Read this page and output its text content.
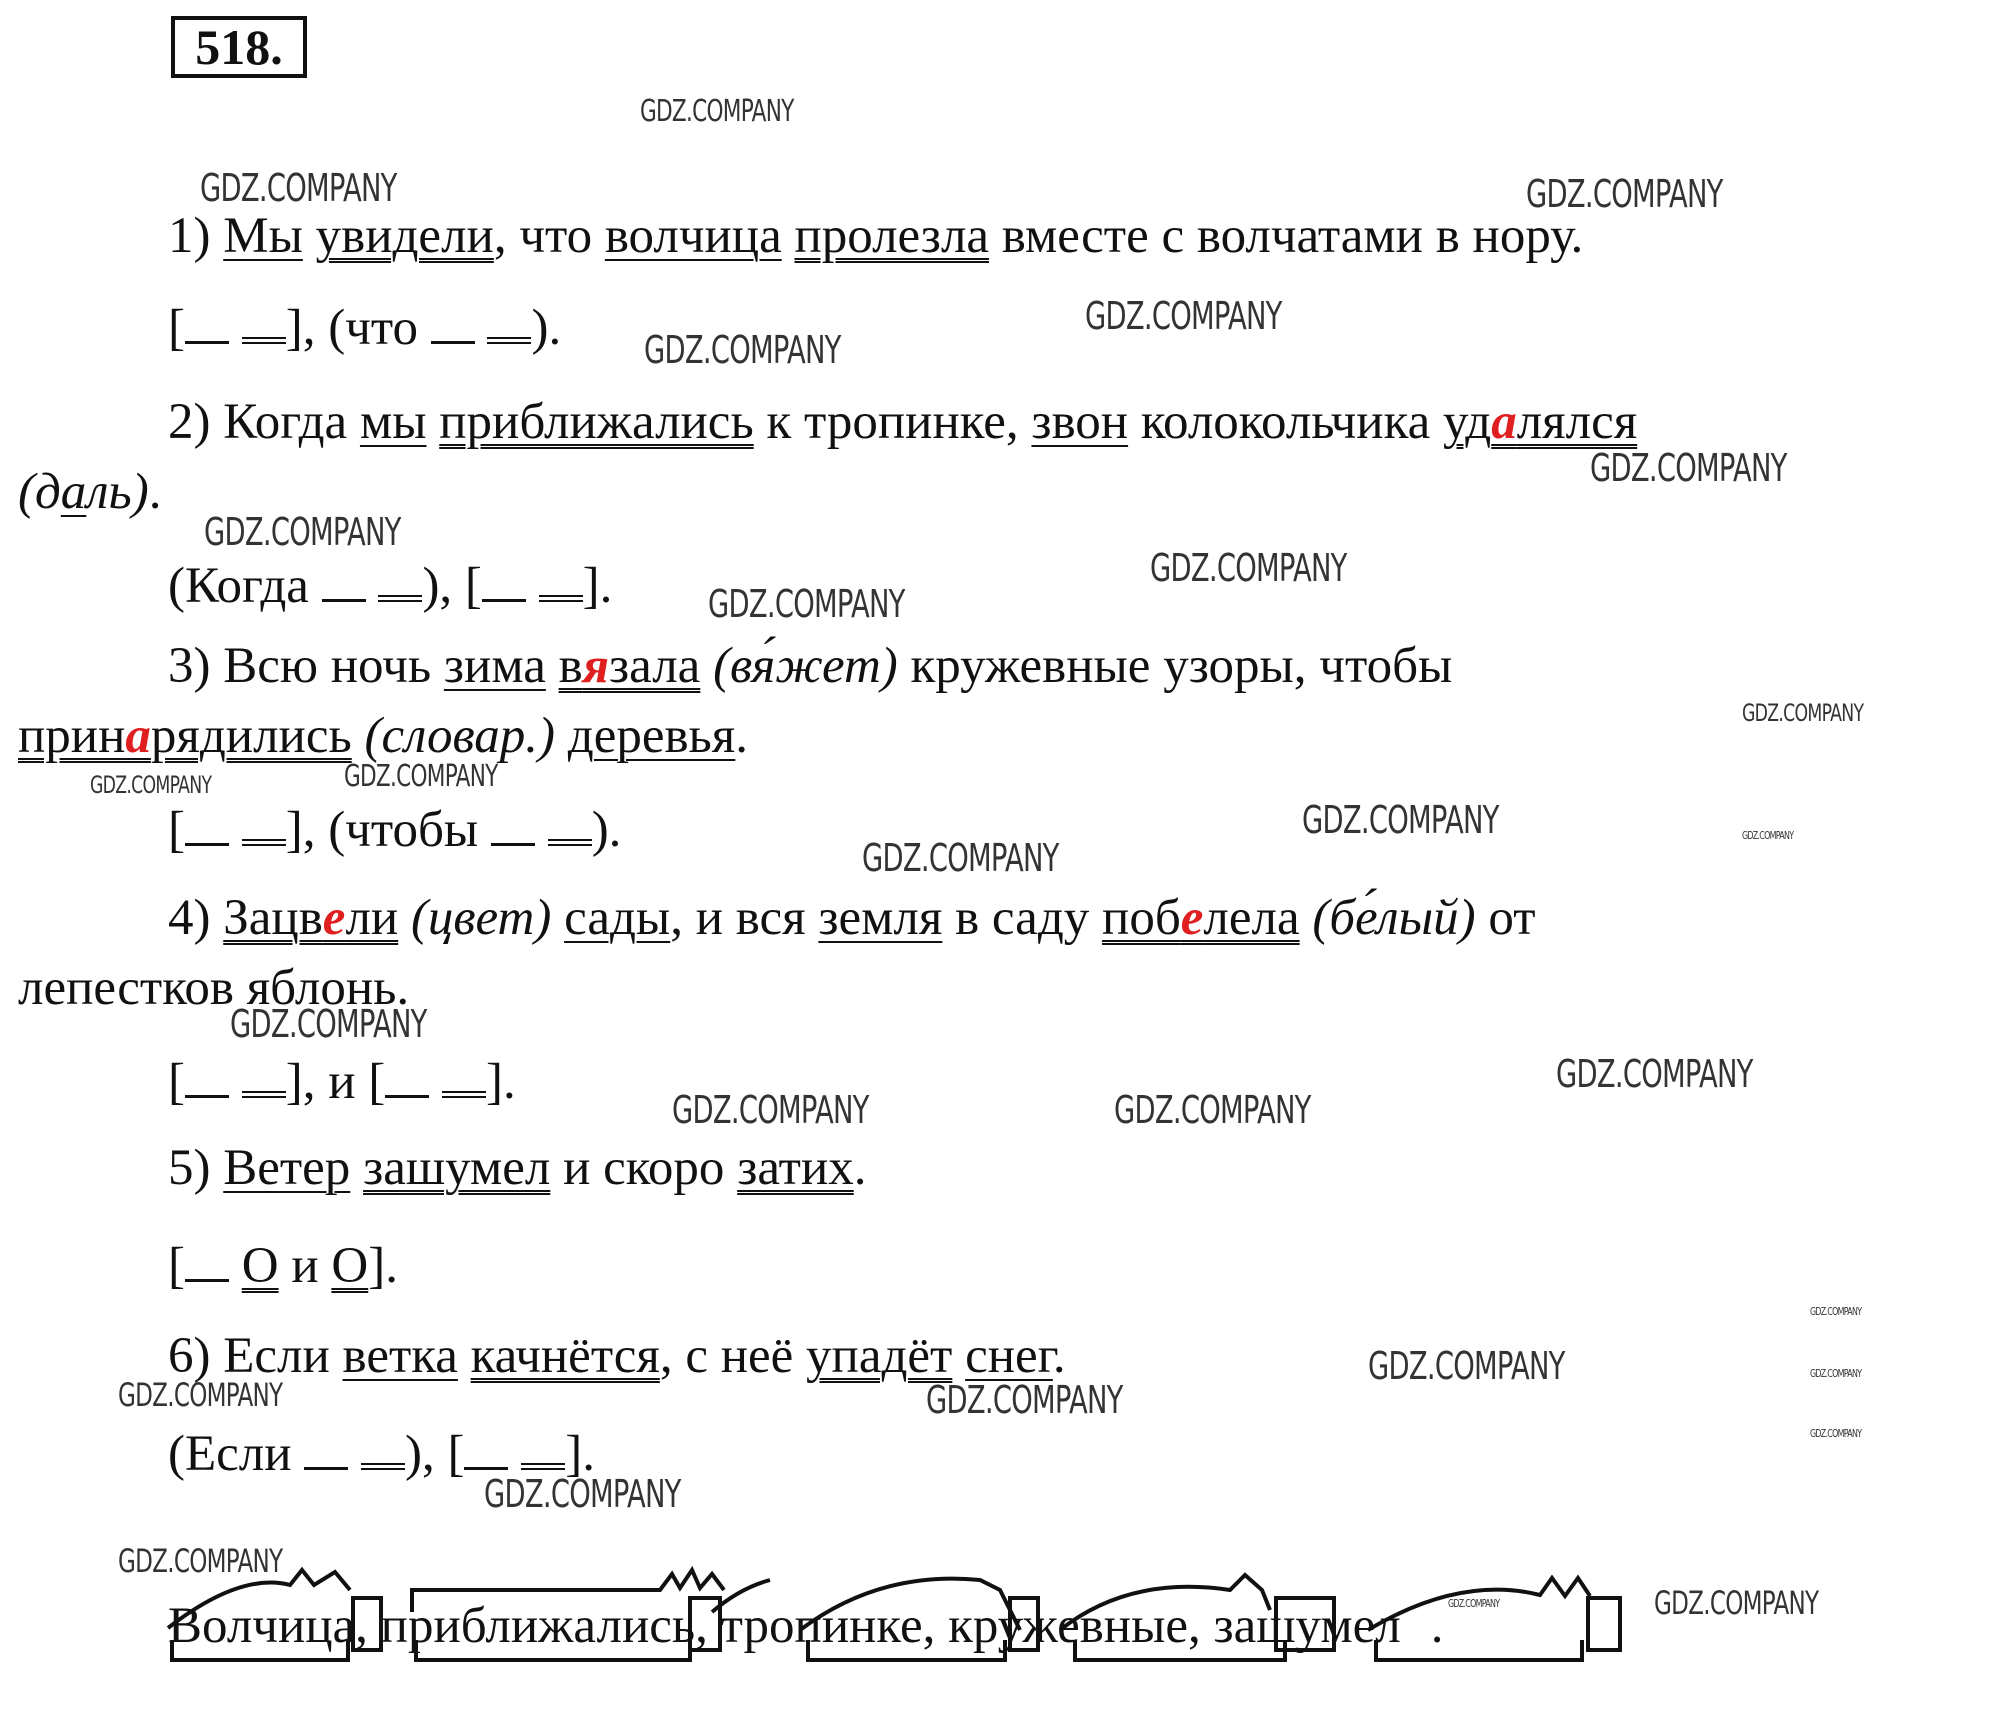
518.
1) Мы увидели, что волчица пролезла вместе с волчатами в нору.
[ ], (что  ).
2) Когда мы приближались к тропинке, звон колокольчика удалялся
(даль).
(Когда  ), [ ].
3) Всю ночь зима вязала (вя́жет) кружевные узоры, чтобы
принарядились (словар.) деревья.
[ ], (чтобы  ).
4) Зацвели (цвет) сады, и вся земля в саду побелела (бе́лый) от
лепестков яблонь.
[ ], и [ ].
5) Ветер зашумел и скоро затих.
[ О и О].
6) Если ветка качнётся, с неё упадёт снег.
(Если  ), [ ].
Волчица, приближались, тропинке, кружевные, зашумел .
GDZ.COMPANY
GDZ.COMPANY	GDZ.COMPANY
GDZ.COMPANY
GDZ.COMPANY
GDZ.COMPANY
GDZ.COMPANY
GDZ.COMPANY
GDZ.COMPANY
GDZ.COMPANY
GDZ.COMPANY	GDZ.COMPANY
GDZ.COMPANY	GDZ.COMPANY
GDZ.COMPANY
GDZ.COMPANY
GDZ.COMPANY
GDZ.COMPANY	GDZ.COMPANY
GDZ.COMPANY
GDZ.COMPANY	GDZ.COMPANY
GDZ.COMPANY	GDZ.COMPANY
GDZ.COMPANY
GDZ.COMPANY
GDZ.COMPANY
GDZ.COMPANY
GDZ.COMPANY
